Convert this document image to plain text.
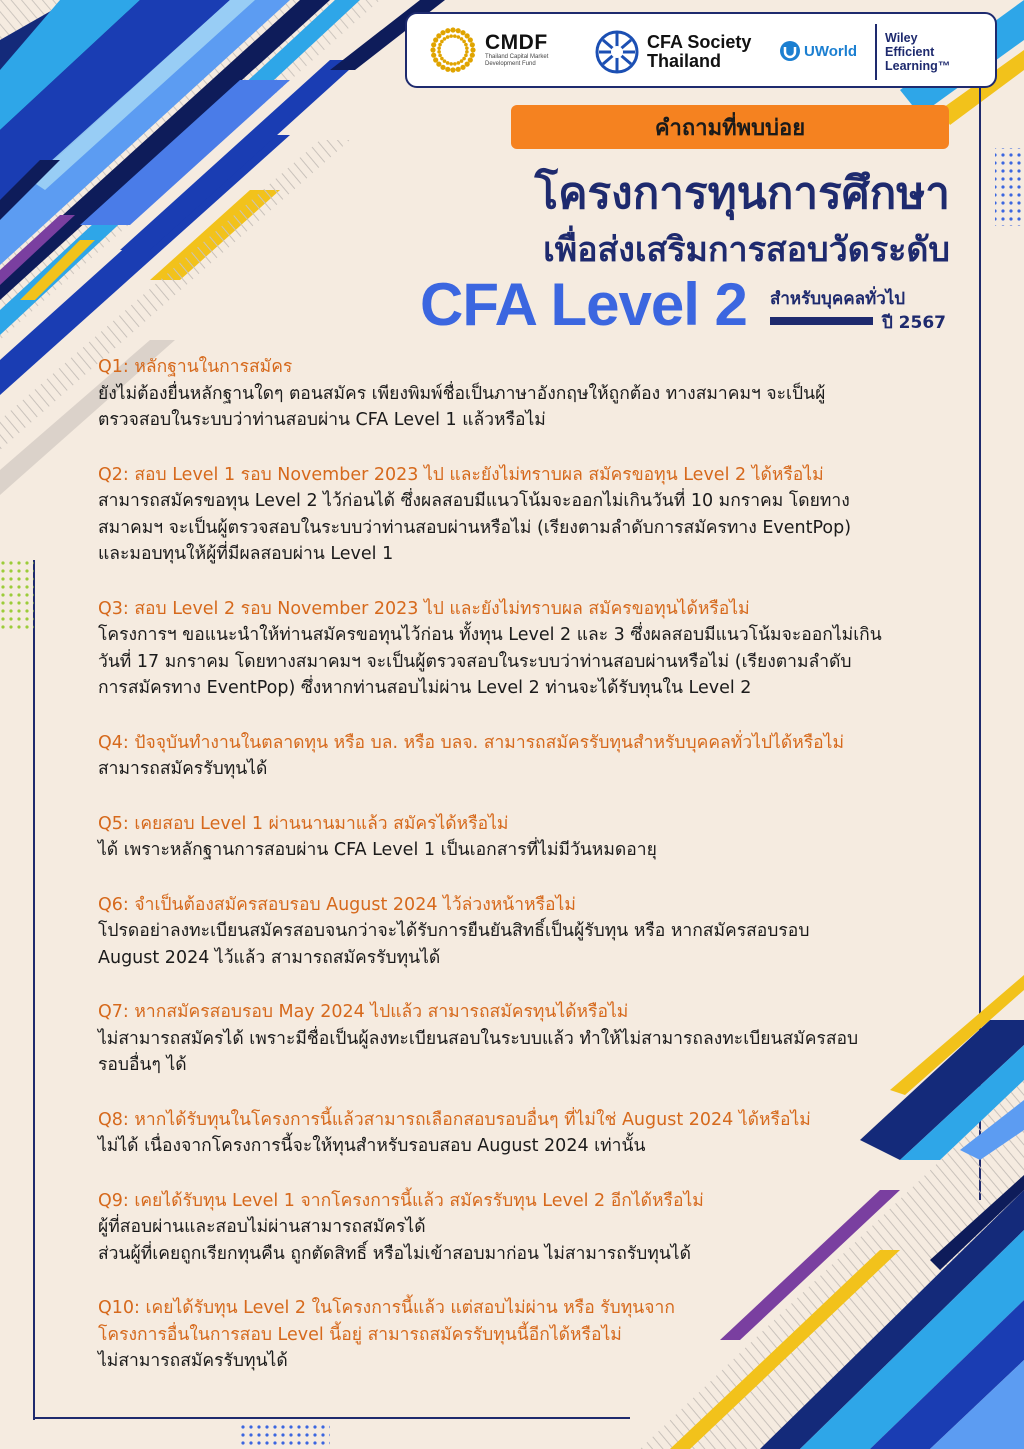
CMDF
Thailand Capital Market Development Fund
CFA Society
Thailand	UWorld
Wiley
Efficient
Learning™
คำถามที่พบบ่อย
โครงการทุนการศึกษา
เพื่อส่งเสริมการสอบวัดระดับ
CFA Level 2 สำหรับบุคคลทั่วไป
ปี 2567
Q1: หลักฐานในการสมัคร
ยังไม่ต้องยื่นหลักฐานใดๆ ตอนสมัคร เพียงพิมพ์ชื่อเป็นภาษาอังกฤษให้ถูกต้อง ทางสมาคมฯ จะเป็นผู้
ตรวจสอบในระบบว่าท่านสอบผ่าน CFA Level 1 แล้วหรือไม่
Q2: สอบ Level 1 รอบ November 2023 ไป และยังไม่ทราบผล สมัครขอทุน Level 2 ได้หรือไม่
สามารถสมัครขอทุน Level 2 ไว้ก่อนได้ ซึ่งผลสอบมีแนวโน้มจะออกไม่เกินวันที่ 10 มกราคม โดยทาง
สมาคมฯ จะเป็นผู้ตรวจสอบในระบบว่าท่านสอบผ่านหรือไม่ (เรียงตามลำดับการสมัครทาง EventPop)
และมอบทุนให้ผู้ที่มีผลสอบผ่าน Level 1
Q3: สอบ Level 2 รอบ November 2023 ไป และยังไม่ทราบผล สมัครขอทุนได้หรือไม่
โครงการฯ ขอแนะนำให้ท่านสมัครขอทุนไว้ก่อน ทั้งทุน Level 2 และ 3 ซึ่งผลสอบมีแนวโน้มจะออกไม่เกิน
วันที่ 17 มกราคม โดยทางสมาคมฯ จะเป็นผู้ตรวจสอบในระบบว่าท่านสอบผ่านหรือไม่ (เรียงตามลำดับ
การสมัครทาง EventPop) ซึ่งหากท่านสอบไม่ผ่าน Level 2 ท่านจะได้รับทุนใน Level 2
Q4: ปัจจุบันทำงานในตลาดทุน หรือ บล. หรือ บลจ. สามารถสมัครรับทุนสำหรับบุคคลทั่วไปได้หรือไม่
สามารถสมัครรับทุนได้
Q5: เคยสอบ Level 1 ผ่านนานมาแล้ว สมัครได้หรือไม่
ได้ เพราะหลักฐานการสอบผ่าน CFA Level 1 เป็นเอกสารที่ไม่มีวันหมดอายุ
Q6: จำเป็นต้องสมัครสอบรอบ August 2024 ไว้ล่วงหน้าหรือไม่
โปรดอย่าลงทะเบียนสมัครสอบจนกว่าจะได้รับการยืนยันสิทธิ์เป็นผู้รับทุน หรือ หากสมัครสอบรอบ
August 2024 ไว้แล้ว สามารถสมัครรับทุนได้
Q7: หากสมัครสอบรอบ May 2024 ไปแล้ว สามารถสมัครทุนได้หรือไม่
ไม่สามารถสมัครได้ เพราะมีชื่อเป็นผู้ลงทะเบียนสอบในระบบแล้ว ทำให้ไม่สามารถลงทะเบียนสมัครสอบ
รอบอื่นๆ ได้
Q8: หากได้รับทุนในโครงการนี้แล้วสามารถเลือกสอบรอบอื่นๆ ที่ไม่ใช่ August 2024 ได้หรือไม่
ไม่ได้ เนื่องจากโครงการนี้จะให้ทุนสำหรับรอบสอบ August 2024 เท่านั้น
Q9: เคยได้รับทุน Level 1 จากโครงการนี้แล้ว สมัครรับทุน Level 2 อีกได้หรือไม่
ผู้ที่สอบผ่านและสอบไม่ผ่านสามารถสมัครได้
ส่วนผู้ที่เคยถูกเรียกทุนคืน ถูกตัดสิทธิ์ หรือไม่เข้าสอบมาก่อน ไม่สามารถรับทุนได้
Q10: เคยได้รับทุน Level 2 ในโครงการนี้แล้ว แต่สอบไม่ผ่าน หรือ รับทุนจาก
โครงการอื่นในการสอบ Level นี้อยู่ สามารถสมัครรับทุนนี้อีกได้หรือไม่
ไม่สามารถสมัครรับทุนได้
